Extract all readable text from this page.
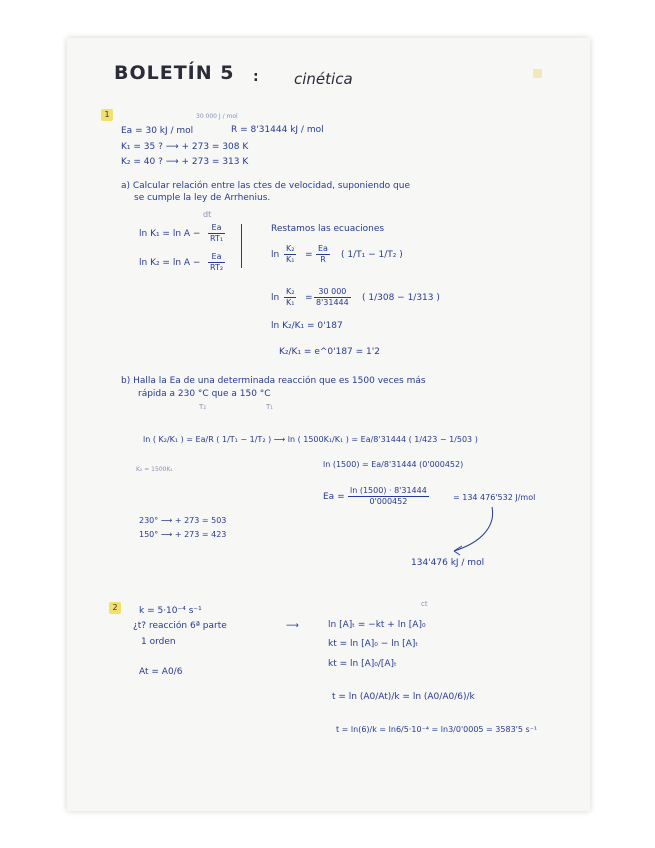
BOLETÍN 5 : cinética
1	30 000 J / mol
Ea = 30 kJ / mol	R = 8'31444 kJ / mol
K₁ = 35 ? ⟶ + 273 = 308 K
K₂ = 40 ? ⟶ + 273 = 313 K
a) Calcular relación entre las ctes de velocidad, suponiendo que
se cumple la ley de Arrhenius.
dt
$\ln K_1 = \ln A - \frac{Ea}{\text{RT₁}}$
$\ln K_2 = \ln A - \frac{Ea}{\text{RT₂}}$
Restamos las ecuaciones
$\ln \frac{\text{K₂}}{\text{K₁}} = \frac{Ea}{R}$ ( 1/T₁ − 1/T₂ )
$\ln \frac{\text{K₂}}{\text{K₁}} = \frac{30 000}{8'31444}$ ( 1/308 − 1/313 )
ln K₂/K₁ = 0'187
K₂/K₁ = e^0'187 = 1'2
b) Halla la Ea de una determinada reacción que es 1500 veces más
rápida a 230 °C que a 150 °C
T₂	T₁
ln ( K₂/K₁ ) = Ea/R ( 1/T₁ − 1/T₂ ) ⟶ ln ( 1500K₁/K₁ ) = Ea/8'31444 ( 1/423 − 1/503 )
K₂ = 1500K₁
ln (1500) = Ea/8'31444 (0'000452)
$Ea = \frac{\ln (1500) \cdot 8'31444}{0'000452}$	= 134 476'532 J/mol
230° ⟶ + 273 = 503
150° ⟶ + 273 = 423
134'476 kJ / mol
2	k = 5·10⁻⁴ s⁻¹
¿t? reacción 6ª parte
1 orden
At = A0/6
⟶
ct
ln [A]ₜ = −kt + ln [A]₀
kt = ln [A]₀ − ln [A]ₜ
kt = ln [A]₀/[A]ₜ
t = ln (A0/At)/k = ln (A0/A0/6)/k
t = ln(6)/k = ln6/5·10⁻⁴ = ln3/0'0005 = 3583'5 s⁻¹
